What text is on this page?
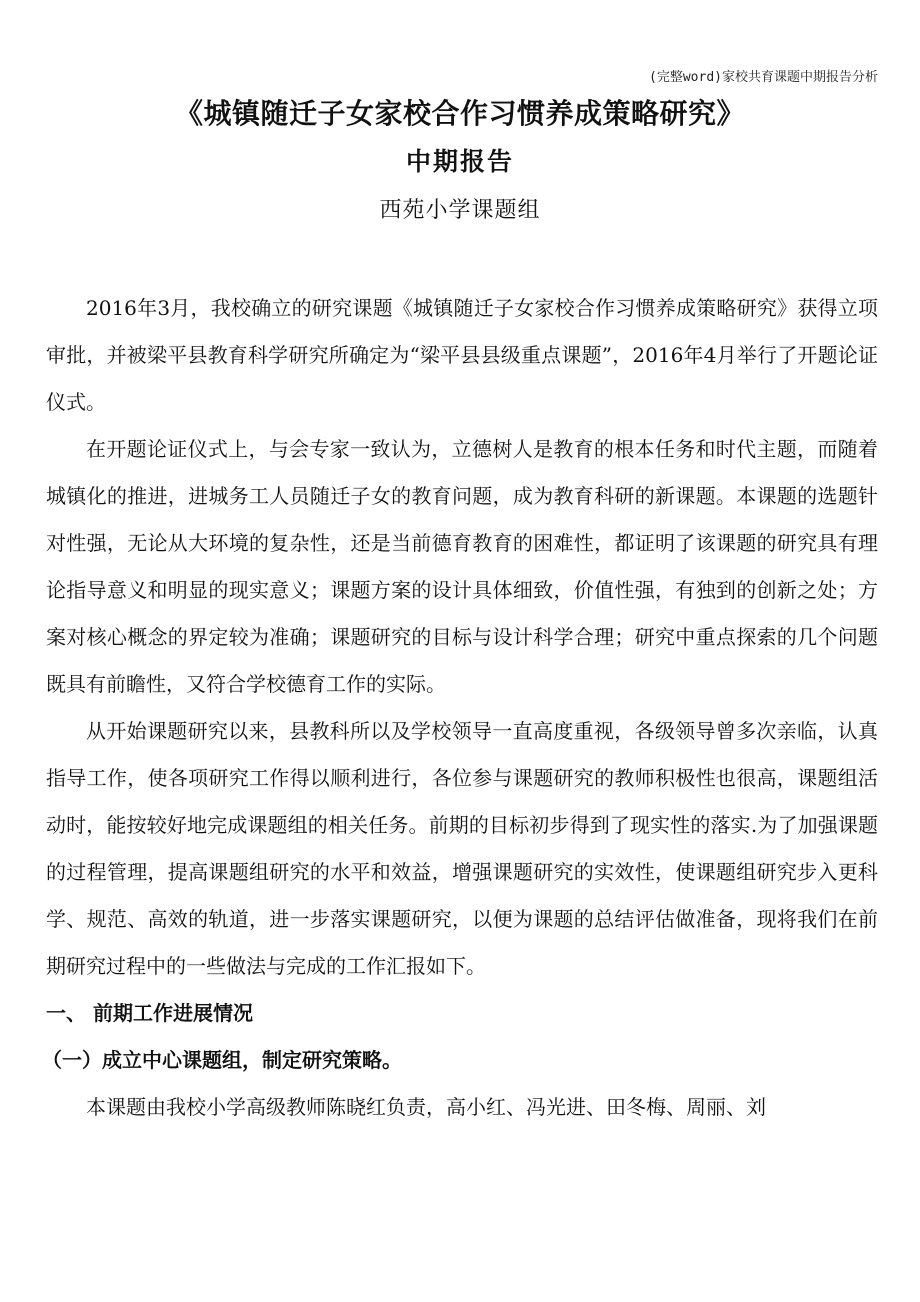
(完整word)家校共育课题中期报告分析
《城镇随迁子女家校合作习惯养成策略研究》
中期报告
西苑小学课题组

2016年3月，我校确立的研究课题《城镇随迁子女家校合作习惯养成策略研究》获得立项审批，并被梁平县教育科学研究所确定为“梁平县县级重点课题”，2016年4月举行了开题论证仪式。

在开题论证仪式上，与会专家一致认为，立德树人是教育的根本任务和时代主题，而随着城镇化的推进，进城务工人员随迁子女的教育问题，成为教育科研的新课题。本课题的选题针对性强，无论从大环境的复杂性，还是当前德育教育的困难性，都证明了该课题的研究具有理论指导意义和明显的现实意义；课题方案的设计具体细致，价值性强，有独到的创新之处；方案对核心概念的界定较为准确；课题研究的目标与设计科学合理；研究中重点探索的几个问题既具有前瞻性，又符合学校德育工作的实际。

从开始课题研究以来，县教科所以及学校领导一直高度重视，各级领导曾多次亲临，认真指导工作，使各项研究工作得以顺利进行，各位参与课题研究的教师积极性也很高，课题组活动时，能按较好地完成课题组的相关任务。前期的目标初步得到了现实性的落实.为了加强课题的过程管理，提高课题组研究的水平和效益，增强课题研究的实效性，使课题组研究步入更科学、规范、高效的轨道，进一步落实课题研究，以便为课题的总结评估做准备，现将我们在前期研究过程中的一些做法与完成的工作汇报如下。

一、 前期工作进展情况

（一）成立中心课题组，制定研究策略。

本课题由我校小学高级教师陈晓红负责，高小红、冯光进、田冬梅、周丽、刘
